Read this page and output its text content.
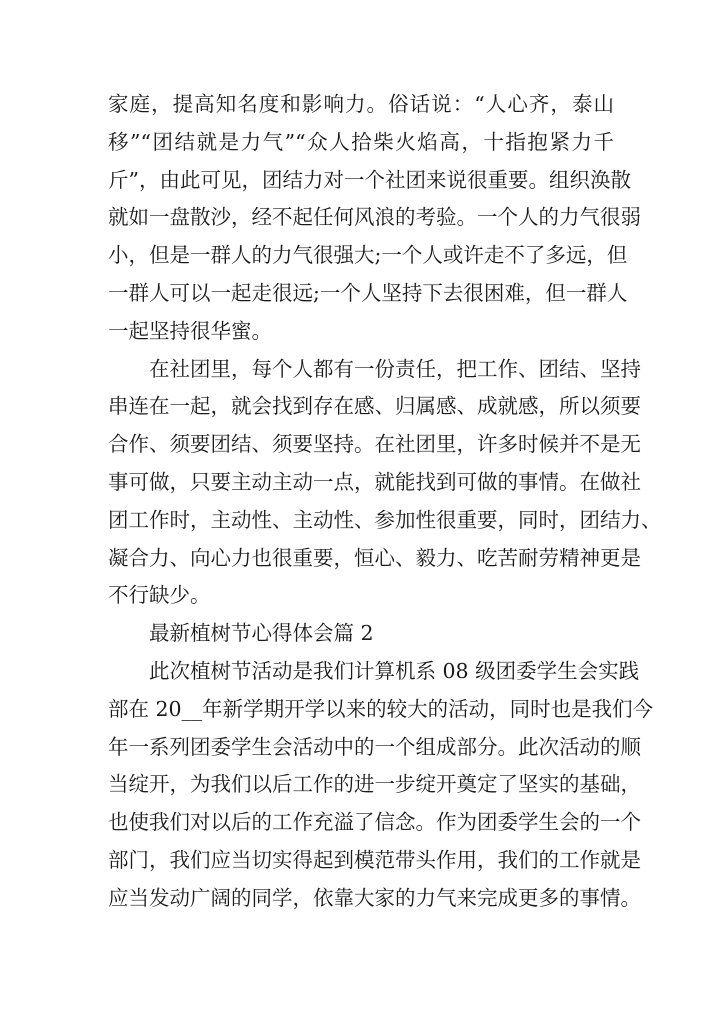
家庭，提高知名度和影响力。俗话说：“人心齐，泰山
移”“团结就是力气”“众人拾柴火焰高，十指抱紧力千
斤”，由此可见，团结力对一个社团来说很重要。组织涣散
就如一盘散沙，经不起任何风浪的考验。一个人的力气很弱
小，但是一群人的力气很强大;一个人或许走不了多远，但
一群人可以一起走很远;一个人坚持下去很困难，但一群人
一起坚持很华蜜。
在社团里，每个人都有一份责任，把工作、团结、坚持
串连在一起，就会找到存在感、归属感、成就感，所以须要
合作、须要团结、须要坚持。在社团里，许多时候并不是无
事可做，只要主动主动一点，就能找到可做的事情。在做社
团工作时，主动性、主动性、参加性很重要，同时，团结力、
凝合力、向心力也很重要，恒心、毅力、吃苦耐劳精神更是
不行缺少。
最新植树节心得体会篇 2
此次植树节活动是我们计算机系 08 级团委学生会实践
部在 20__年新学期开学以来的较大的活动，同时也是我们今
年一系列团委学生会活动中的一个组成部分。此次活动的顺
当绽开，为我们以后工作的进一步绽开奠定了坚实的基础，
也使我们对以后的工作充溢了信念。作为团委学生会的一个
部门，我们应当切实得起到模范带头作用，我们的工作就是
应当发动广阔的同学，依靠大家的力气来完成更多的事情。
